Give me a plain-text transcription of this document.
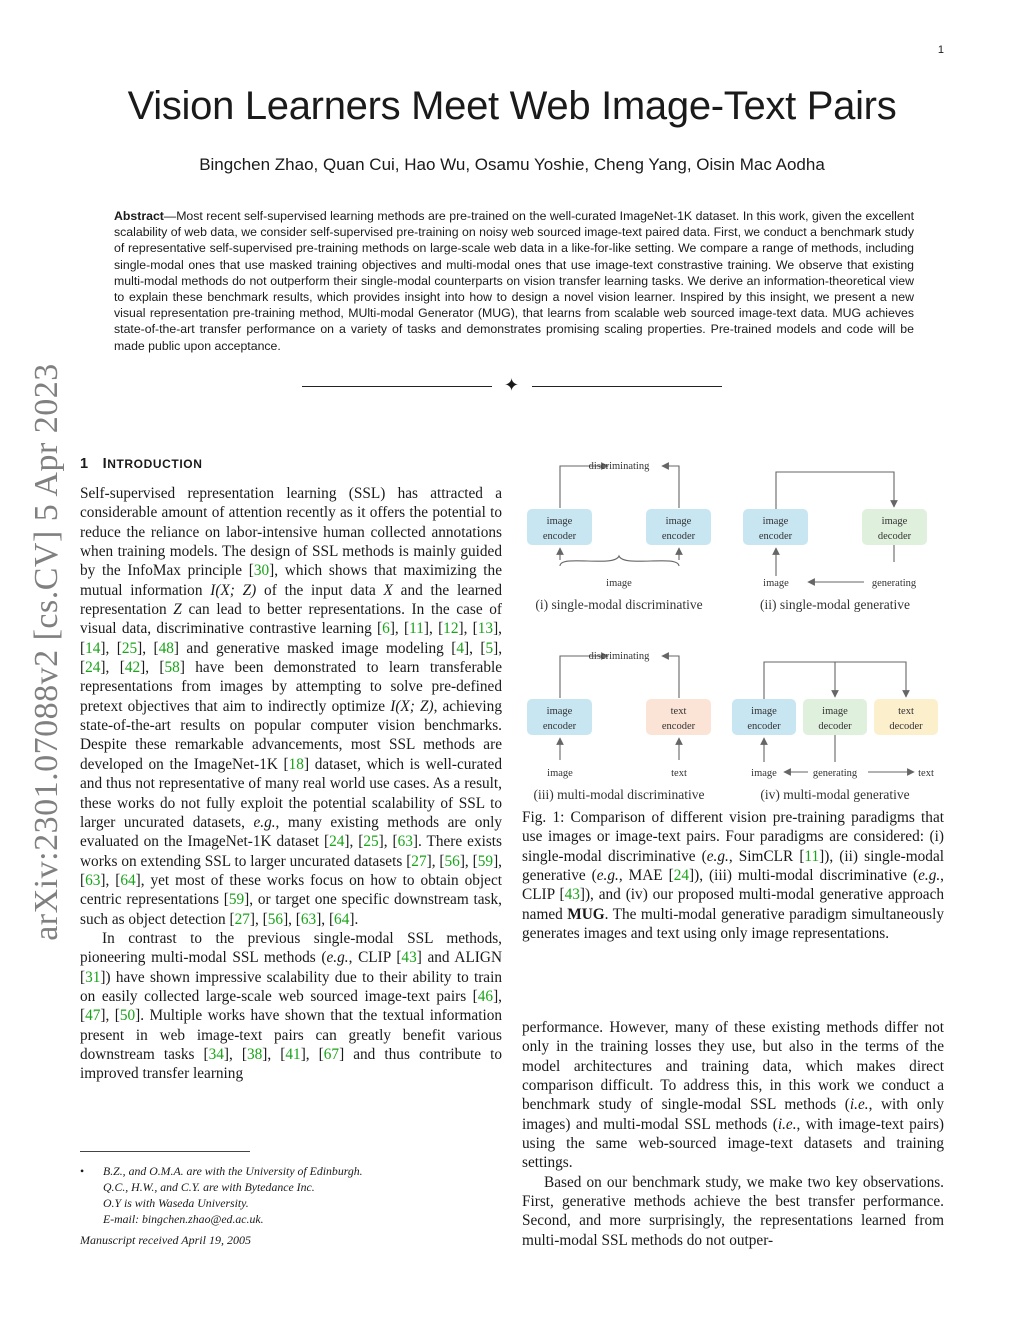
1
Vision Learners Meet Web Image-Text Pairs
Bingchen Zhao, Quan Cui, Hao Wu, Osamu Yoshie, Cheng Yang, Oisin Mac Aodha
Abstract—Most recent self-supervised learning methods are pre-trained on the well-curated ImageNet-1K dataset. In this work, given the excellent scalability of web data, we consider self-supervised pre-training on noisy web sourced image-text paired data. First, we conduct a benchmark study of representative self-supervised pre-training methods on large-scale web data in a like-for-like setting. We compare a range of methods, including single-modal ones that use masked training objectives and multi-modal ones that use image-text constrastive training. We observe that existing multi-modal methods do not outperform their single-modal counterparts on vision transfer learning tasks. We derive an information-theoretical view to explain these benchmark results, which provides insight into how to design a novel vision learner. Inspired by this insight, we present a new visual representation pre-training method, MUlti-modal Generator (MUG), that learns from scalable web sourced image-text data. MUG achieves state-of-the-art transfer performance on a variety of tasks and demonstrates promising scaling properties. Pre-trained models and code will be made public upon acceptance.
✦
arXiv:2301.07088v2 [cs.CV] 5 Apr 2023 1 INTRODUCTION

Self-supervised representation learning (SSL) has attracted a considerable amount of attention recently as it offers the potential to reduce the reliance on labor-intensive human collected annotations when training models. The design of SSL methods is mainly guided by the InfoMax principle [30], which shows that maximizing the mutual information I(X; Z) of the input data X and the learned representation Z can lead to better representations. In the case of visual data, discriminative contrastive learning [6], [11], [12], [13], [14], [25], [48] and generative masked image modeling [4], [5], [24], [42], [58] have been demonstrated to learn transferable representations from images by attempting to solve pre-defined pretext objectives that aim to indirectly optimize I(X; Z), achieving state-of-the-art results on popular computer vision benchmarks. Despite these remarkable advancements, most SSL methods are developed on the ImageNet-1K [18] dataset, which is well-curated and thus not representative of many real world use cases. As a result, these works do not fully exploit the potential scalability of SSL to larger uncurated datasets, e.g., many existing methods are only evaluated on the ImageNet-1K dataset [24], [25], [63]. There exists works on extending SSL to larger uncurated datasets [27], [56], [59], [63], [64], yet most of these works focus on how to obtain object centric representations [59], or target one specific downstream task, such as object detection [27], [56], [63], [64].

In contrast to the previous single-modal SSL methods, pioneering multi-modal SSL methods (e.g., CLIP [43] and ALIGN [31]) have shown impressive scalability due to their ability to train on easily collected large-scale web sourced image-text pairs [46], [47], [50]. Multiple works have shown that the textual information present in web image-text pairs can greatly benefit various downstream tasks [34], [38], [41], [67] and thus contribute to improved transfer learning

• B.Z., and O.M.A. are with the University of Edinburgh.
Q.C., H.W., and C.Y. are with Bytedance Inc.
O.Y is with Waseda University.
E-mail: bingchen.zhao@ed.ac.uk.
Manuscript received April 19, 2005
discriminating
image
encoder
image
encoder
image
(i) single-modal discriminative
image
encoder
image
decoder
image	generating
(ii) single-modal generative
discriminating
image
encoder
text
encoder
image	text
(iii) multi-modal discriminative
image
encoder
image
decoder
text
decoder
image	generating	text
(iv) multi-modal generative
Fig. 1: Comparison of different vision pre-training paradigms that use images or image-text pairs. Four paradigms are considered: (i) single-modal discriminative (e.g., SimCLR [11]), (ii) single-modal generative (e.g., MAE [24]), (iii) multi-modal discriminative (e.g., CLIP [43]), and (iv) our proposed multi-modal generative approach named MUG. The multi-modal generative paradigm simultaneously generates images and text using only image representations.

performance. However, many of these existing methods differ not only in the training losses they use, but also in the terms of the model architectures and training data, which makes direct comparison difficult. To address this, in this work we conduct a benchmark study of single-modal SSL methods (i.e., with only images) and multi-modal SSL methods (i.e., with image-text pairs) using the same web-sourced image-text datasets and training settings.

Based on our benchmark study, we make two key observations. First, generative methods achieve the best transfer performance. Second, and more surprisingly, the representations learned from multi-modal SSL methods do not outper-
